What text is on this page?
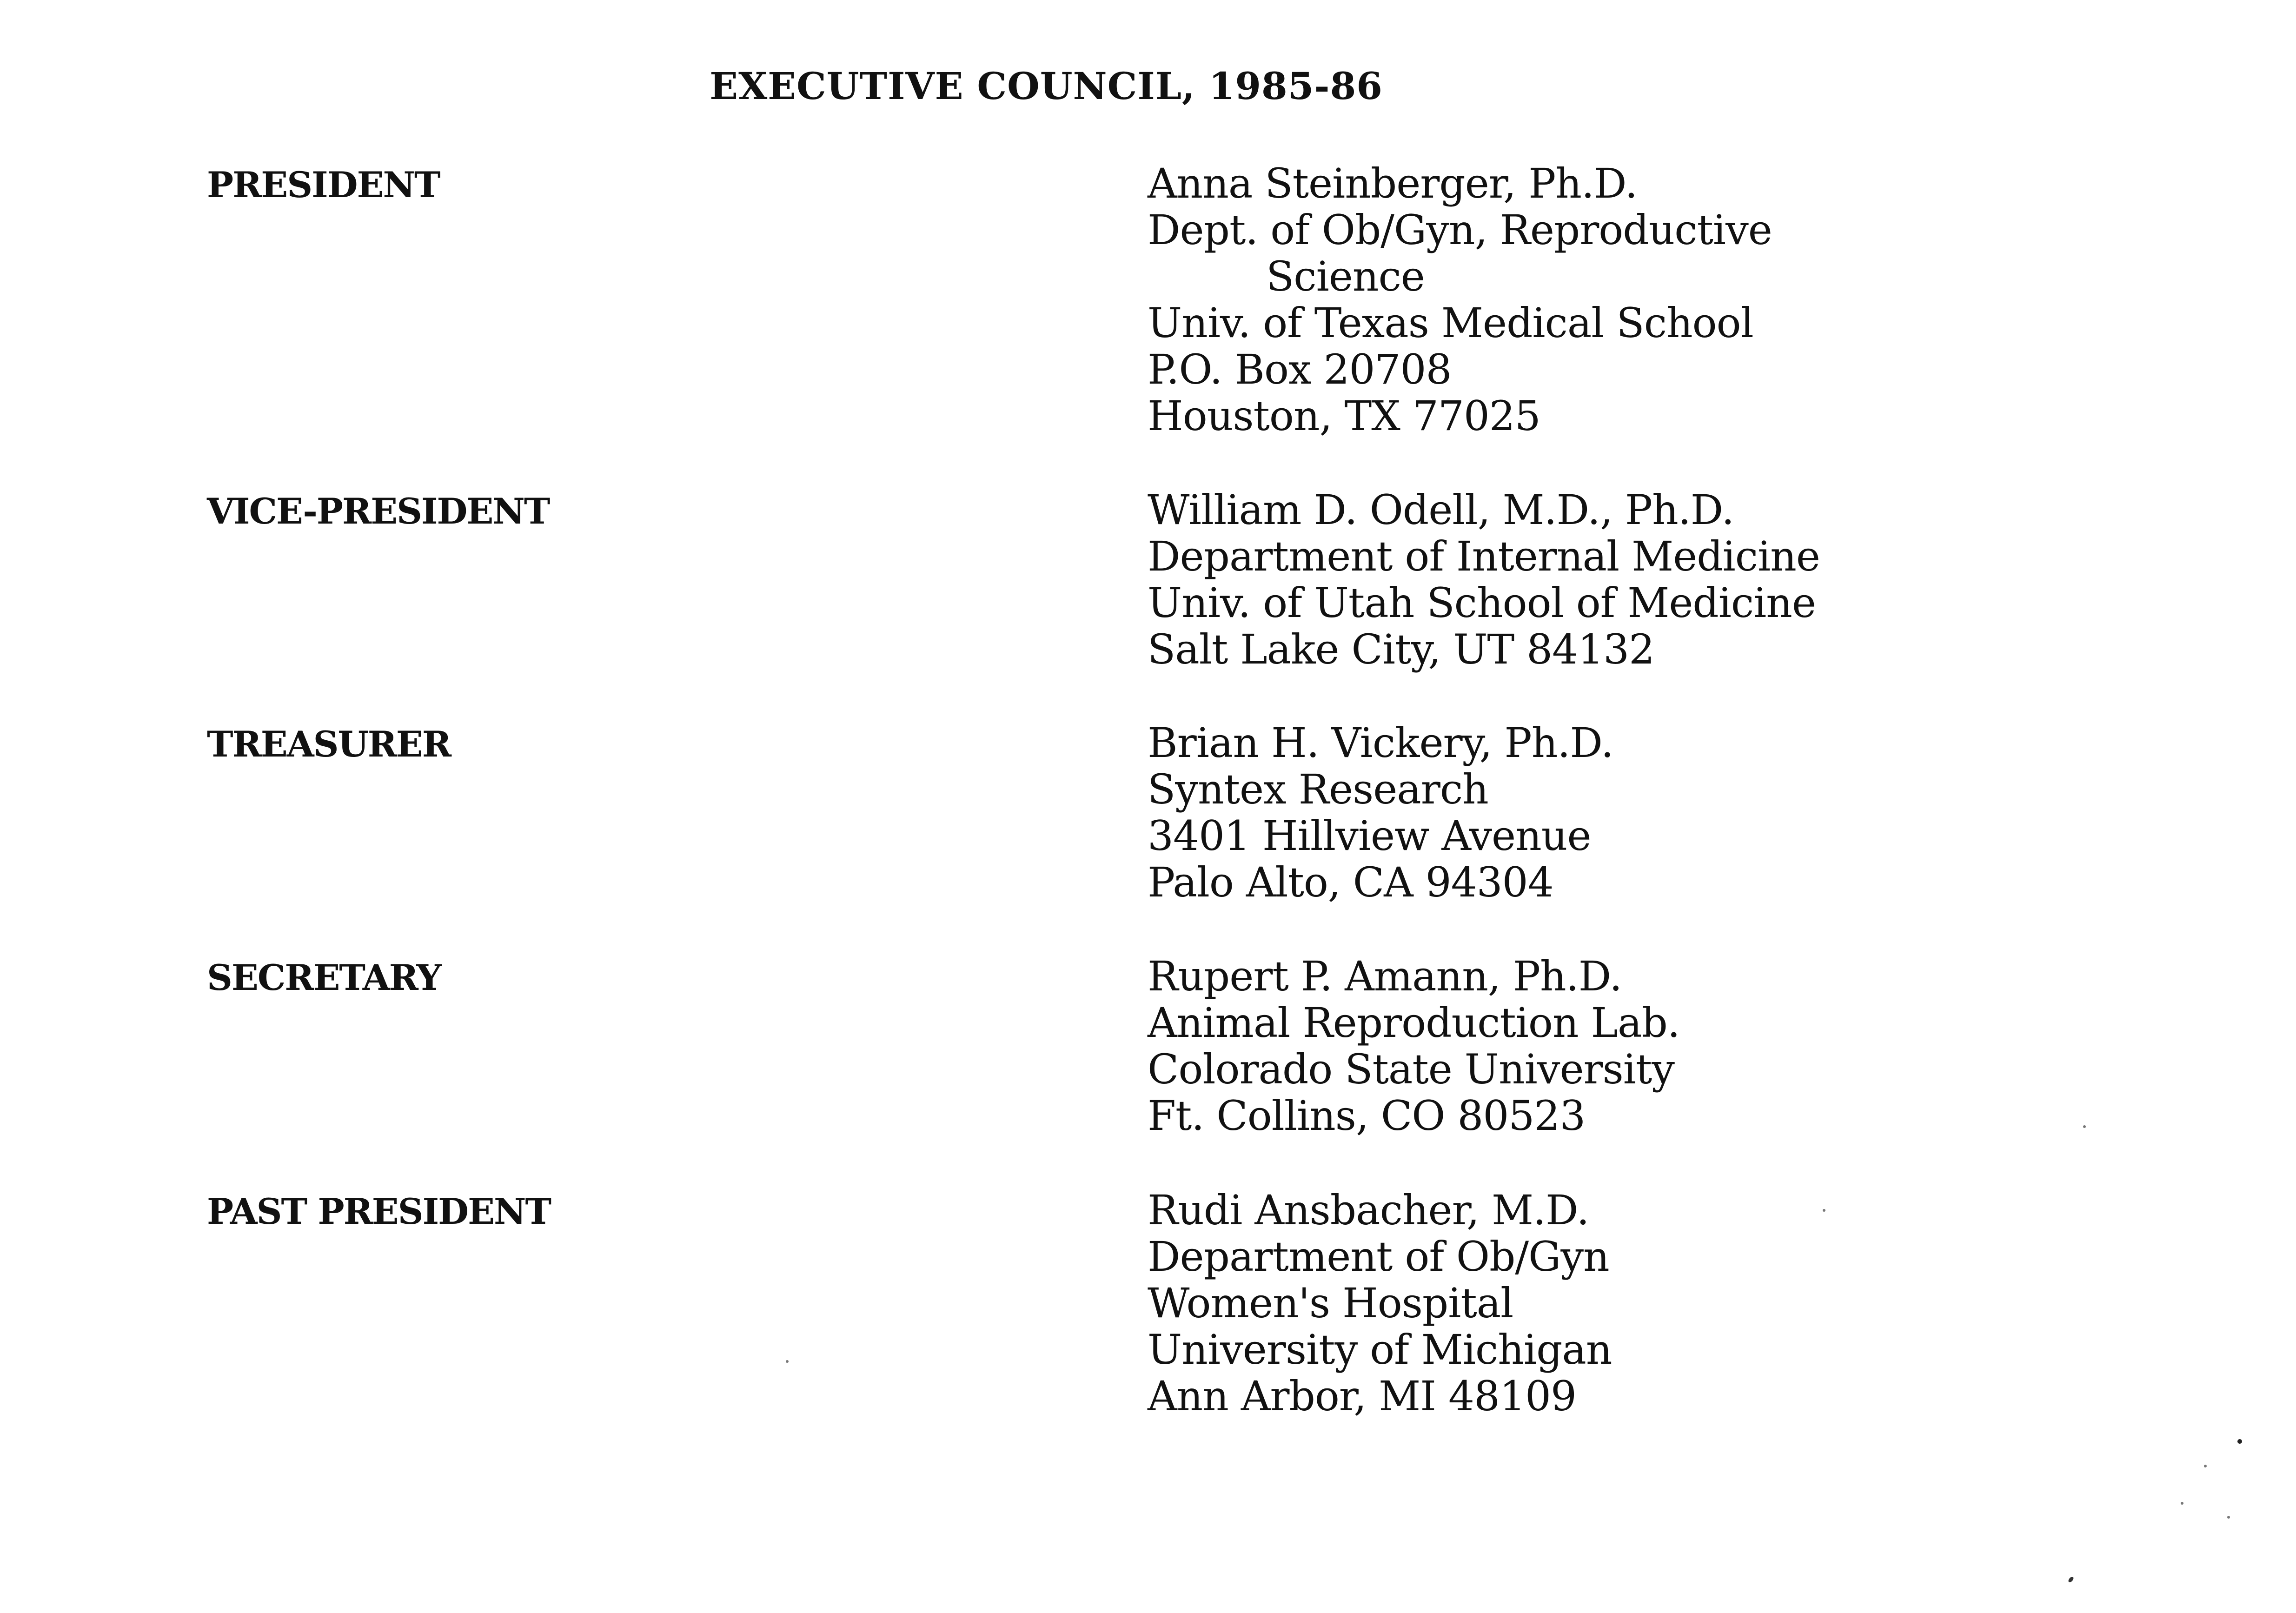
EXECUTIVE COUNCIL, 1985-86
PRESIDENT	Anna Steinberger, Ph.D.
Dept. of Ob/Gyn, Reproductive
Science
Univ. of Texas Medical School
P.O. Box 20708
Houston, TX 77025
VICE-PRESIDENT	William D. Odell, M.D., Ph.D.
Department of Internal Medicine
Univ. of Utah School of Medicine
Salt Lake City, UT 84132
TREASURER	Brian H. Vickery, Ph.D.
Syntex Research
3401 Hillview Avenue
Palo Alto, CA 94304
SECRETARY	Rupert P. Amann, Ph.D.
Animal Reproduction Lab.
Colorado State University
Ft. Collins, CO 80523
PAST PRESIDENT	Rudi Ansbacher, M.D.
Department of Ob/Gyn
Women's Hospital
University of Michigan
Ann Arbor, MI 48109
